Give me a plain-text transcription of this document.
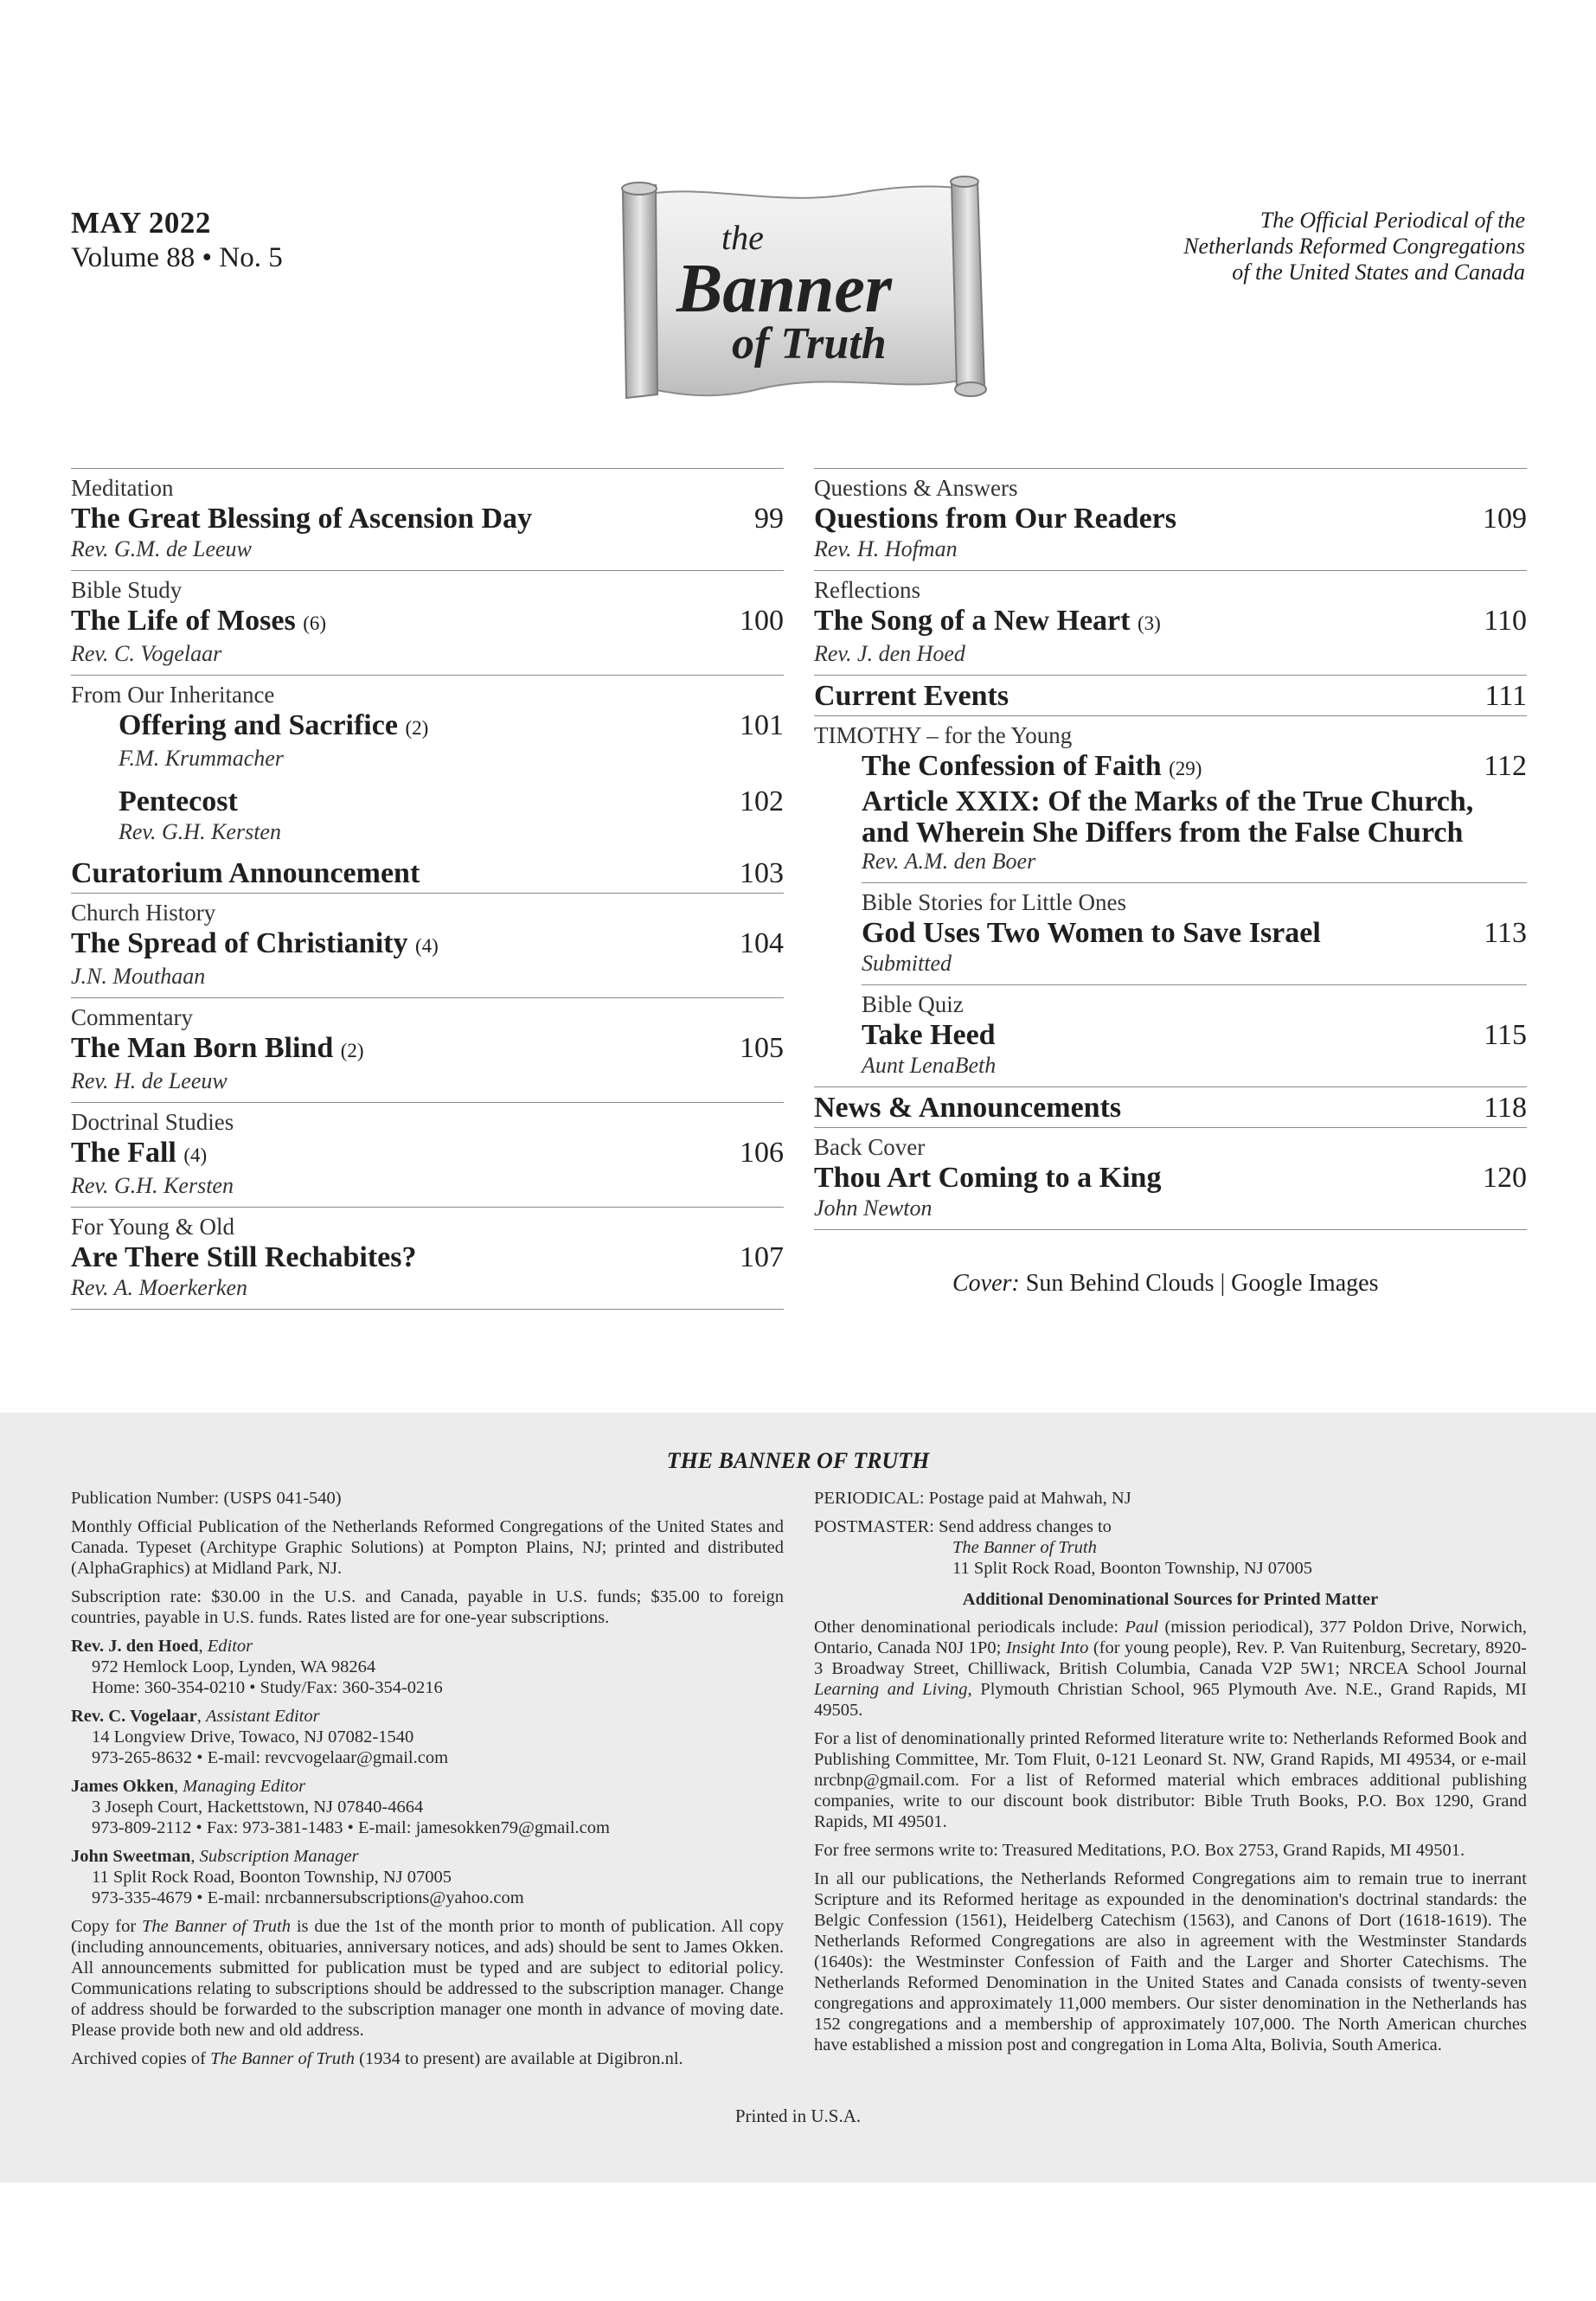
MAY 2022
Volume 88 • No. 5
the
Banner
of Truth
The Official Periodical of the
Netherlands Reformed Congregations
of the United States and Canada
Meditation
The Great Blessing of Ascension Day	99
Rev. G.M. de Leeuw
Bible Study
The Life of Moses (6)	100
Rev. C. Vogelaar
From Our Inheritance
Offering and Sacrifice (2)	101
F.M. Krummacher
Pentecost	102
Rev. G.H. Kersten
Curatorium Announcement	103
Church History
The Spread of Christianity (4)	104
J.N. Mouthaan
Commentary
The Man Born Blind (2)	105
Rev. H. de Leeuw
Doctrinal Studies
The Fall (4)	106
Rev. G.H. Kersten
For Young & Old
Are There Still Rechabites?	107
Rev. A. Moerkerken
Questions & Answers
Questions from Our Readers	109
Rev. H. Hofman
Reflections
The Song of a New Heart (3)	110
Rev. J. den Hoed
Current Events	111
TIMOTHY – for the Young
The Confession of Faith (29)	112
Article XXIX: Of the Marks of the True Church,
and Wherein She Differs from the False Church
Rev. A.M. den Boer
Bible Stories for Little Ones
God Uses Two Women to Save Israel	113
Submitted
Bible Quiz
Take Heed	115
Aunt LenaBeth
News & Announcements	118
Back Cover
Thou Art Coming to a King	120
John Newton
Cover: Sun Behind Clouds | Google Images
THE BANNER OF TRUTH

Publication Number: (USPS 041-540)

Monthly Official Publication of the Netherlands Reformed Congregations of the United States and Canada. Typeset (Architype Graphic Solutions) at Pompton Plains, NJ; printed and distributed (AlphaGraphics) at Midland Park, NJ.

Subscription rate: $30.00 in the U.S. and Canada, payable in U.S. funds; $35.00 to foreign countries, payable in U.S. funds. Rates listed are for one-year subscriptions.

Rev. J. den Hoed, Editor
972 Hemlock Loop, Lynden, WA 98264
Home: 360-354-0210 • Study/Fax: 360-354-0216
Rev. C. Vogelaar, Assistant Editor
14 Longview Drive, Towaco, NJ 07082-1540
973-265-8632 • E-mail: revcvogelaar@gmail.com
James Okken, Managing Editor
3 Joseph Court, Hackettstown, NJ 07840-4664
973-809-2112 • Fax: 973-381-1483 • E-mail: jamesokken79@gmail.com
John Sweetman, Subscription Manager
11 Split Rock Road, Boonton Township, NJ 07005
973-335-4679 • E-mail: nrcbannersubscriptions@yahoo.com

Copy for The Banner of Truth is due the 1st of the month prior to month of publication. All copy (including announcements, obituaries, anniversary notices, and ads) should be sent to James Okken. All announcements submitted for publication must be typed and are subject to editorial policy. Communications relating to subscriptions should be addressed to the subscription manager. Change of address should be forwarded to the subscription manager one month in advance of moving date. Please provide both new and old address.

Archived copies of The Banner of Truth (1934 to present) are available at Digibron.nl.

PERIODICAL: Postage paid at Mahwah, NJ

POSTMASTER: Send address changes to
The Banner of Truth
11 Split Rock Road, Boonton Township, NJ 07005
Additional Denominational Sources for Printed Matter

Other denominational periodicals include: Paul (mission periodical), 377 Poldon Drive, Norwich, Ontario, Canada N0J 1P0; Insight Into (for young people), Rev. P. Van Ruitenburg, Secretary, 8920-3 Broadway Street, Chilliwack, British Columbia, Canada V2P 5W1; NRCEA School Journal Learning and Living, Plymouth Christian School, 965 Plymouth Ave. N.E., Grand Rapids, MI 49505.

For a list of denominationally printed Reformed literature write to: Netherlands Reformed Book and Publishing Committee, Mr. Tom Fluit, 0-121 Leonard St. NW, Grand Rapids, MI 49534, or e-mail nrcbnp@gmail.com. For a list of Reformed material which embraces additional publishing companies, write to our discount book distributor: Bible Truth Books, P.O. Box 1290, Grand Rapids, MI 49501.

For free sermons write to: Treasured Meditations, P.O. Box 2753, Grand Rapids, MI 49501.

In all our publications, the Netherlands Reformed Congregations aim to remain true to inerrant Scripture and its Reformed heritage as expounded in the denomination's doctrinal standards: the Belgic Confession (1561), Heidelberg Catechism (1563), and Canons of Dort (1618-1619). The Netherlands Reformed Congregations are also in agreement with the Westminster Standards (1640s): the Westminster Confession of Faith and the Larger and Shorter Catechisms. The Netherlands Reformed Denomination in the United States and Canada consists of twenty-seven congregations and approximately 11,000 members. Our sister denomination in the Netherlands has 152 congregations and a membership of approximately 107,000. The North American churches have established a mission post and congregation in Loma Alta, Bolivia, South America.

Printed in U.S.A.
